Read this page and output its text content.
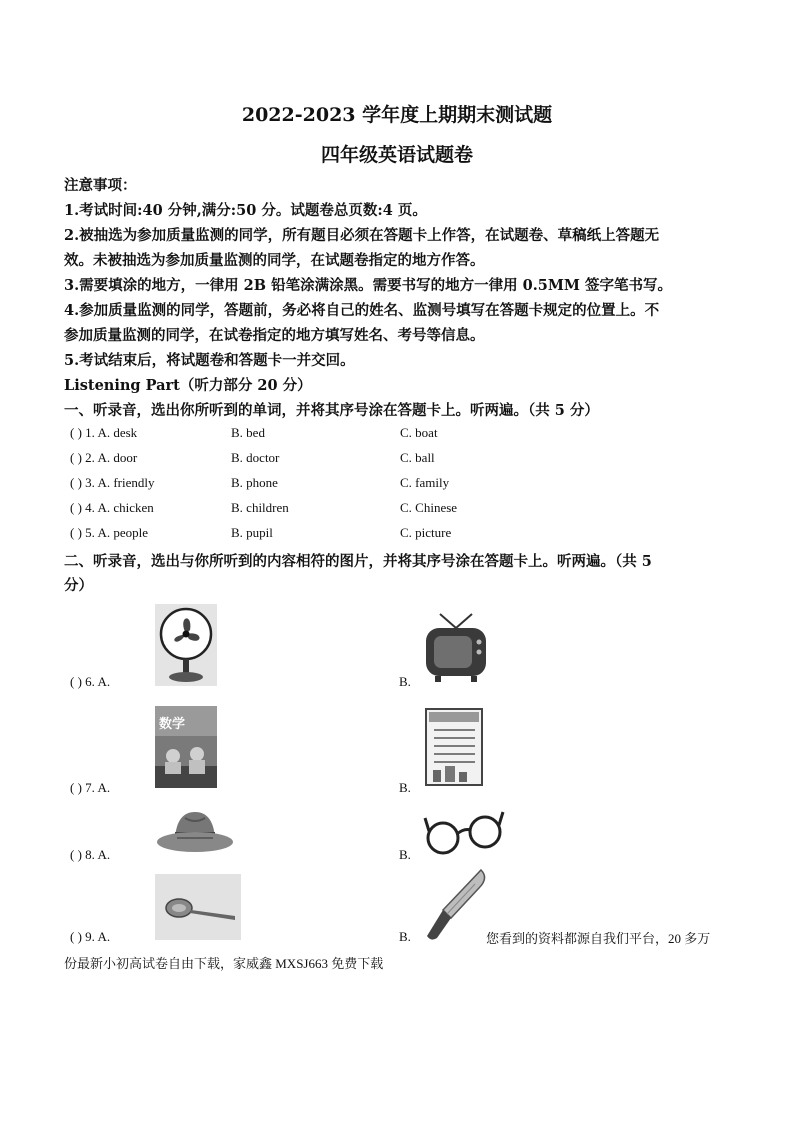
2022-2023 学年度上期期末测试题
四年级英语试题卷
注意事项：
1.考试时间:40 分钟,满分:50 分。试题卷总页数:4 页。
2.被抽选为参加质量监测的同学，所有题目必须在答题卡上作答，在试题卷、草稿纸上答题无
效。未被抽选为参加质量监测的同学，在试题卷指定的地方作答。
3.需要填涂的地方，一律用 2B 铅笔涂满涂黑。需要书写的地方一律用 0.5MM 签字笔书写。
4.参加质量监测的同学，答题前，务必将自己的姓名、监测号填写在答题卡规定的位置上。不
参加质量监测的同学，在试卷指定的地方填写姓名、考号等信息。
5.考试结束后，将试题卷和答题卡一并交回。
Listening Part（听力部分 20 分）
一、听录音，选出你所听到的单词，并将其序号涂在答题卡上。听两遍。（共 5 分）
( ) 1. A. desk	B. bed	C. boat
( ) 2. A. door	B. doctor	C. ball
( ) 3. A. friendly	B. phone	C. family
( ) 4. A. chicken	B. children	C. Chinese
( ) 5. A. people	B. pupil	C. picture
二、听录音，选出与你所听到的内容相符的图片，并将其序号涂在答题卡上。听两遍。（共 5
分）
( ) 6. A.	B.
( ) 7. A.
数学
B.
( ) 8. A.	B.
( ) 9. A.	B.	您看到的资料都源自我们平台，20 多万
份最新小初高试卷自由下载，家威鑫 MXSJ663 免费下载
